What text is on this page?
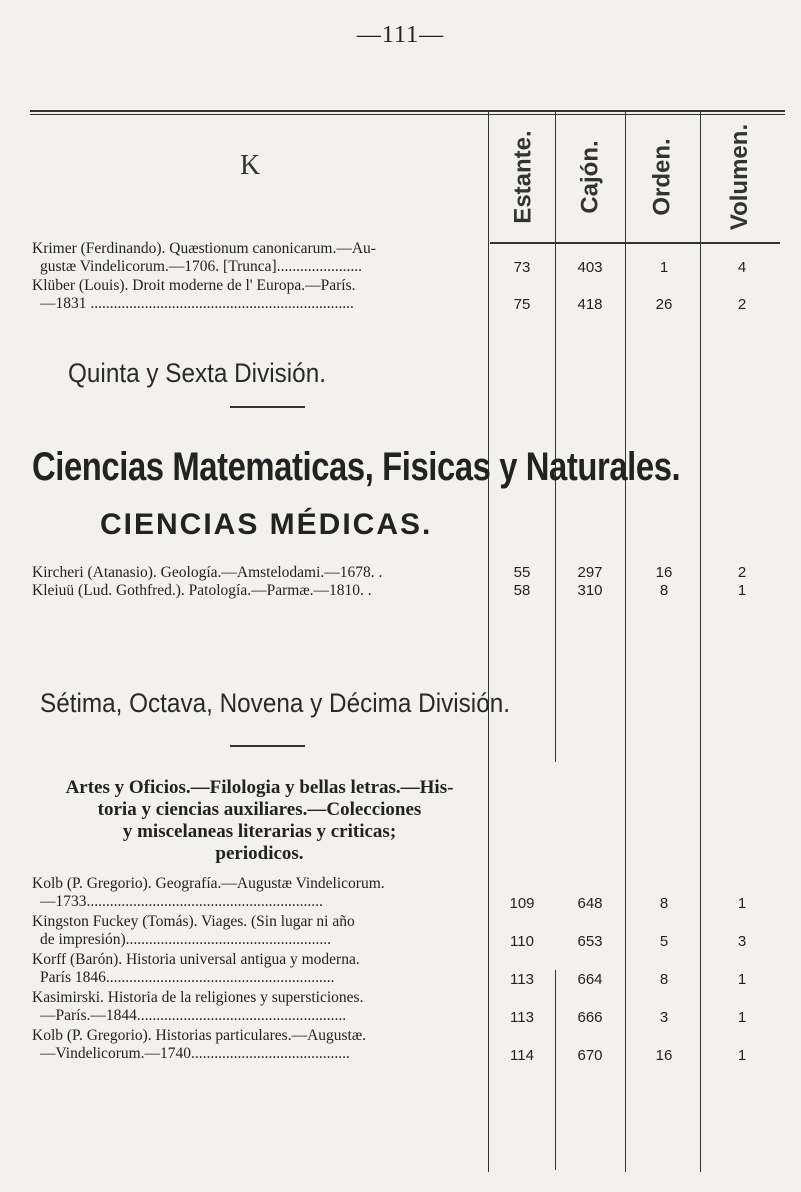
—111—
Estante. Cajón. Orden. Volumen.
K
Krimer (Ferdinando). Quæstionum canonicarum.—Au-
gustæ Vindelicorum.—1706. [Trunca]......................	73	403	1	4
Klüber (Louis). Droit moderne de l' Europa.—París.
—1831 ....................................................................	75	418	26	2
Quinta y Sexta División.
Ciencias Matematicas, Fisicas y Naturales.
CIENCIAS MÉDICAS.
Kircheri (Atanasio). Geología.—Amstelodami.—1678. .	55	297	16	2
Kleiuü (Lud. Gothfred.). Patología.—Parmæ.—1810. .	58	310	8	1
Sétima, Octava, Novena y Décima División.
Artes y Oficios.—Filologia y bellas letras.—His-
toria y ciencias auxiliares.—Colecciones
y miscelaneas literarias y criticas;
periodicos.
Kolb (P. Gregorio). Geografía.—Augustæ Vindelicorum.
—1733.............................................................	109	648	8	1
Kingston Fuckey (Tomás). Viages. (Sin lugar ni año
de impresión).....................................................	110	653	5	3
Korff (Barón). Historia universal antigua y moderna.
París 1846...........................................................	113	664	8	1
Kasimirski. Historia de la religiones y supersticiones.
—París.—1844......................................................	113	666	3	1
Kolb (P. Gregorio). Historias particulares.—Augustæ.
—Vindelicorum.—1740.........................................	114	670	16	1
